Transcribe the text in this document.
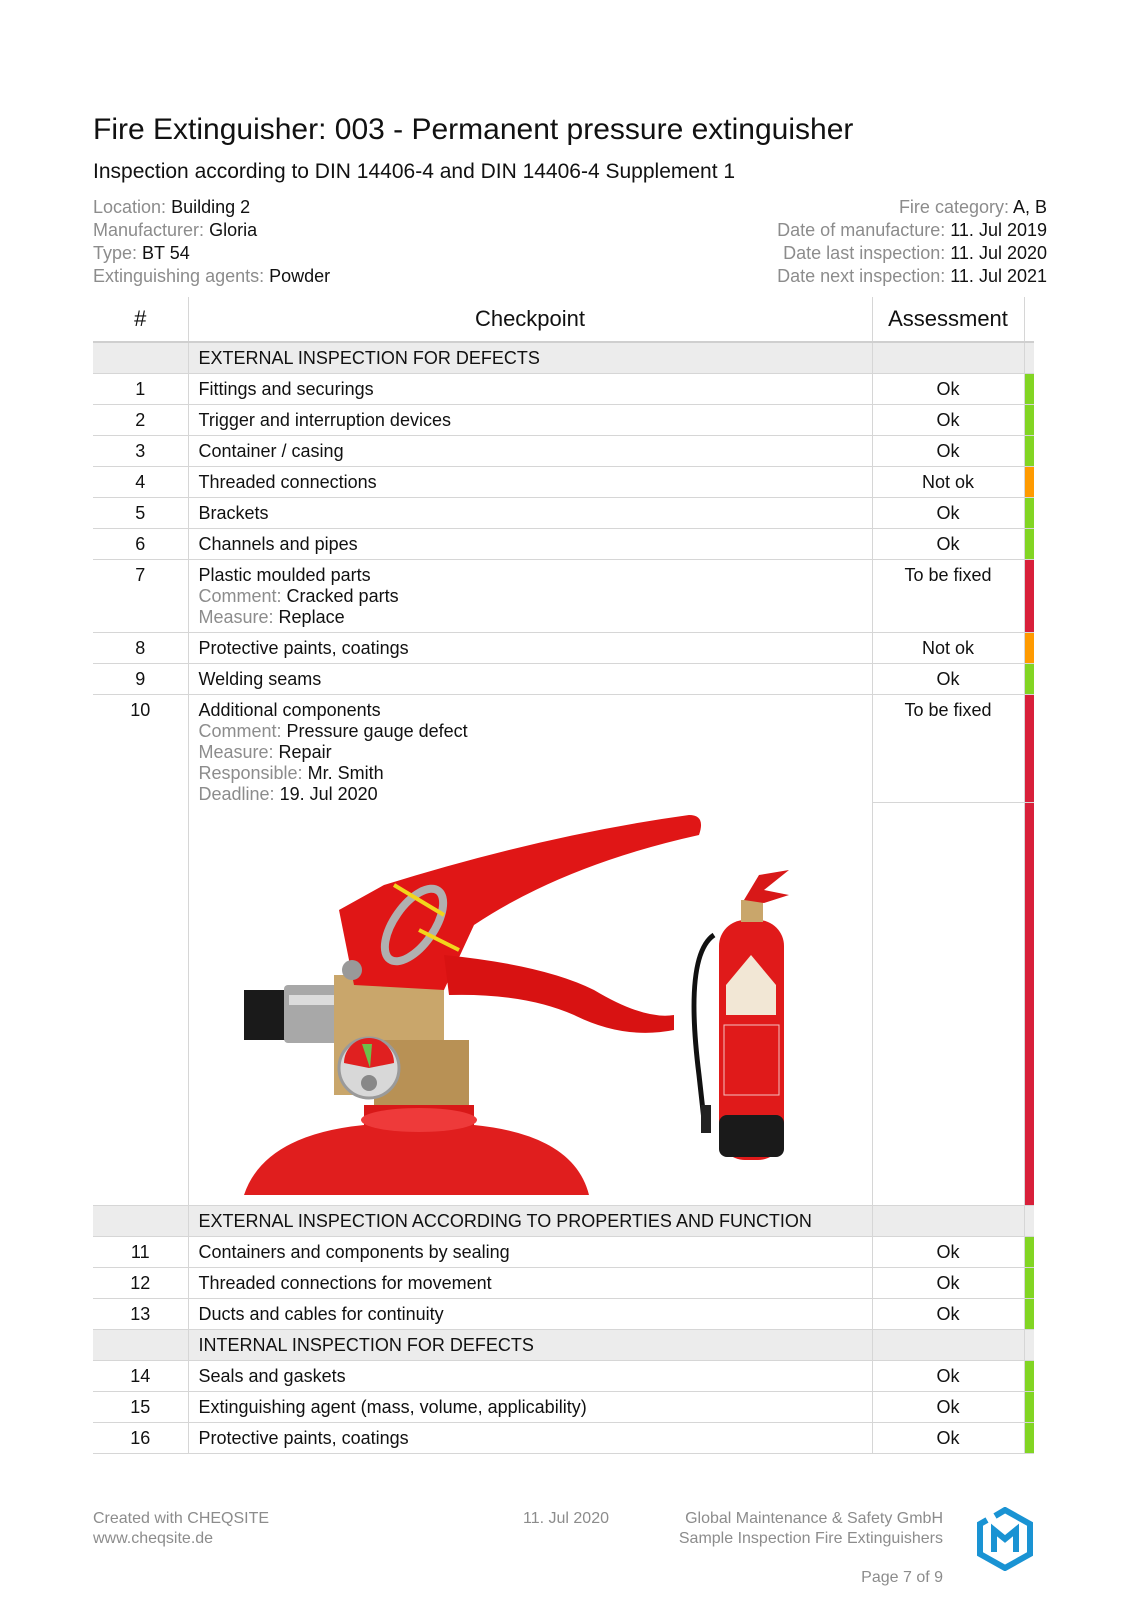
Fire Extinguisher: 003 - Permanent pressure extinguisher
Inspection according to DIN 14406-4 and DIN 14406-4 Supplement 1
Location: Building 2
Manufacturer: Gloria
Type: BT 54
Extinguishing agents: Powder
Fire category: A, B
Date of manufacture: 11. Jul 2019
Date last inspection: 11. Jul 2020
Date next inspection: 11. Jul 2021
#	Checkpoint	Assessment	
	EXTERNAL INSPECTION FOR DEFECTS		
1	Fittings and securings	Ok	
2	Trigger and interruption devices	Ok	
3	Container / casing	Ok	
4	Threaded connections	Not ok	
5	Brackets	Ok	
6	Channels and pipes	Ok	
7	Plastic moulded parts
Comment: Cracked parts
Measure: Replace	To be fixed	
8	Protective paints, coatings	Not ok	
9	Welding seams	Ok	
10	Additional components
Comment: Pressure gauge defect
Measure: Repair
Responsible: Mr. Smith
Deadline: 19. Jul 2020	To be fixed	

	EXTERNAL INSPECTION ACCORDING TO PROPERTIES AND FUNCTION		
11	Containers and components by sealing	Ok	
12	Threaded connections for movement	Ok	
13	Ducts and cables for continuity	Ok	
	INTERNAL INSPECTION FOR DEFECTS		
14	Seals and gaskets	Ok	
15	Extinguishing agent (mass, volume, applicability)	Ok	
16	Protective paints, coatings	Ok	
Created with CHEQSITE
www.cheqsite.de
11. Jul 2020	Global Maintenance & Safety GmbH
Sample Inspection Fire Extinguishers
Page 7 of 9
